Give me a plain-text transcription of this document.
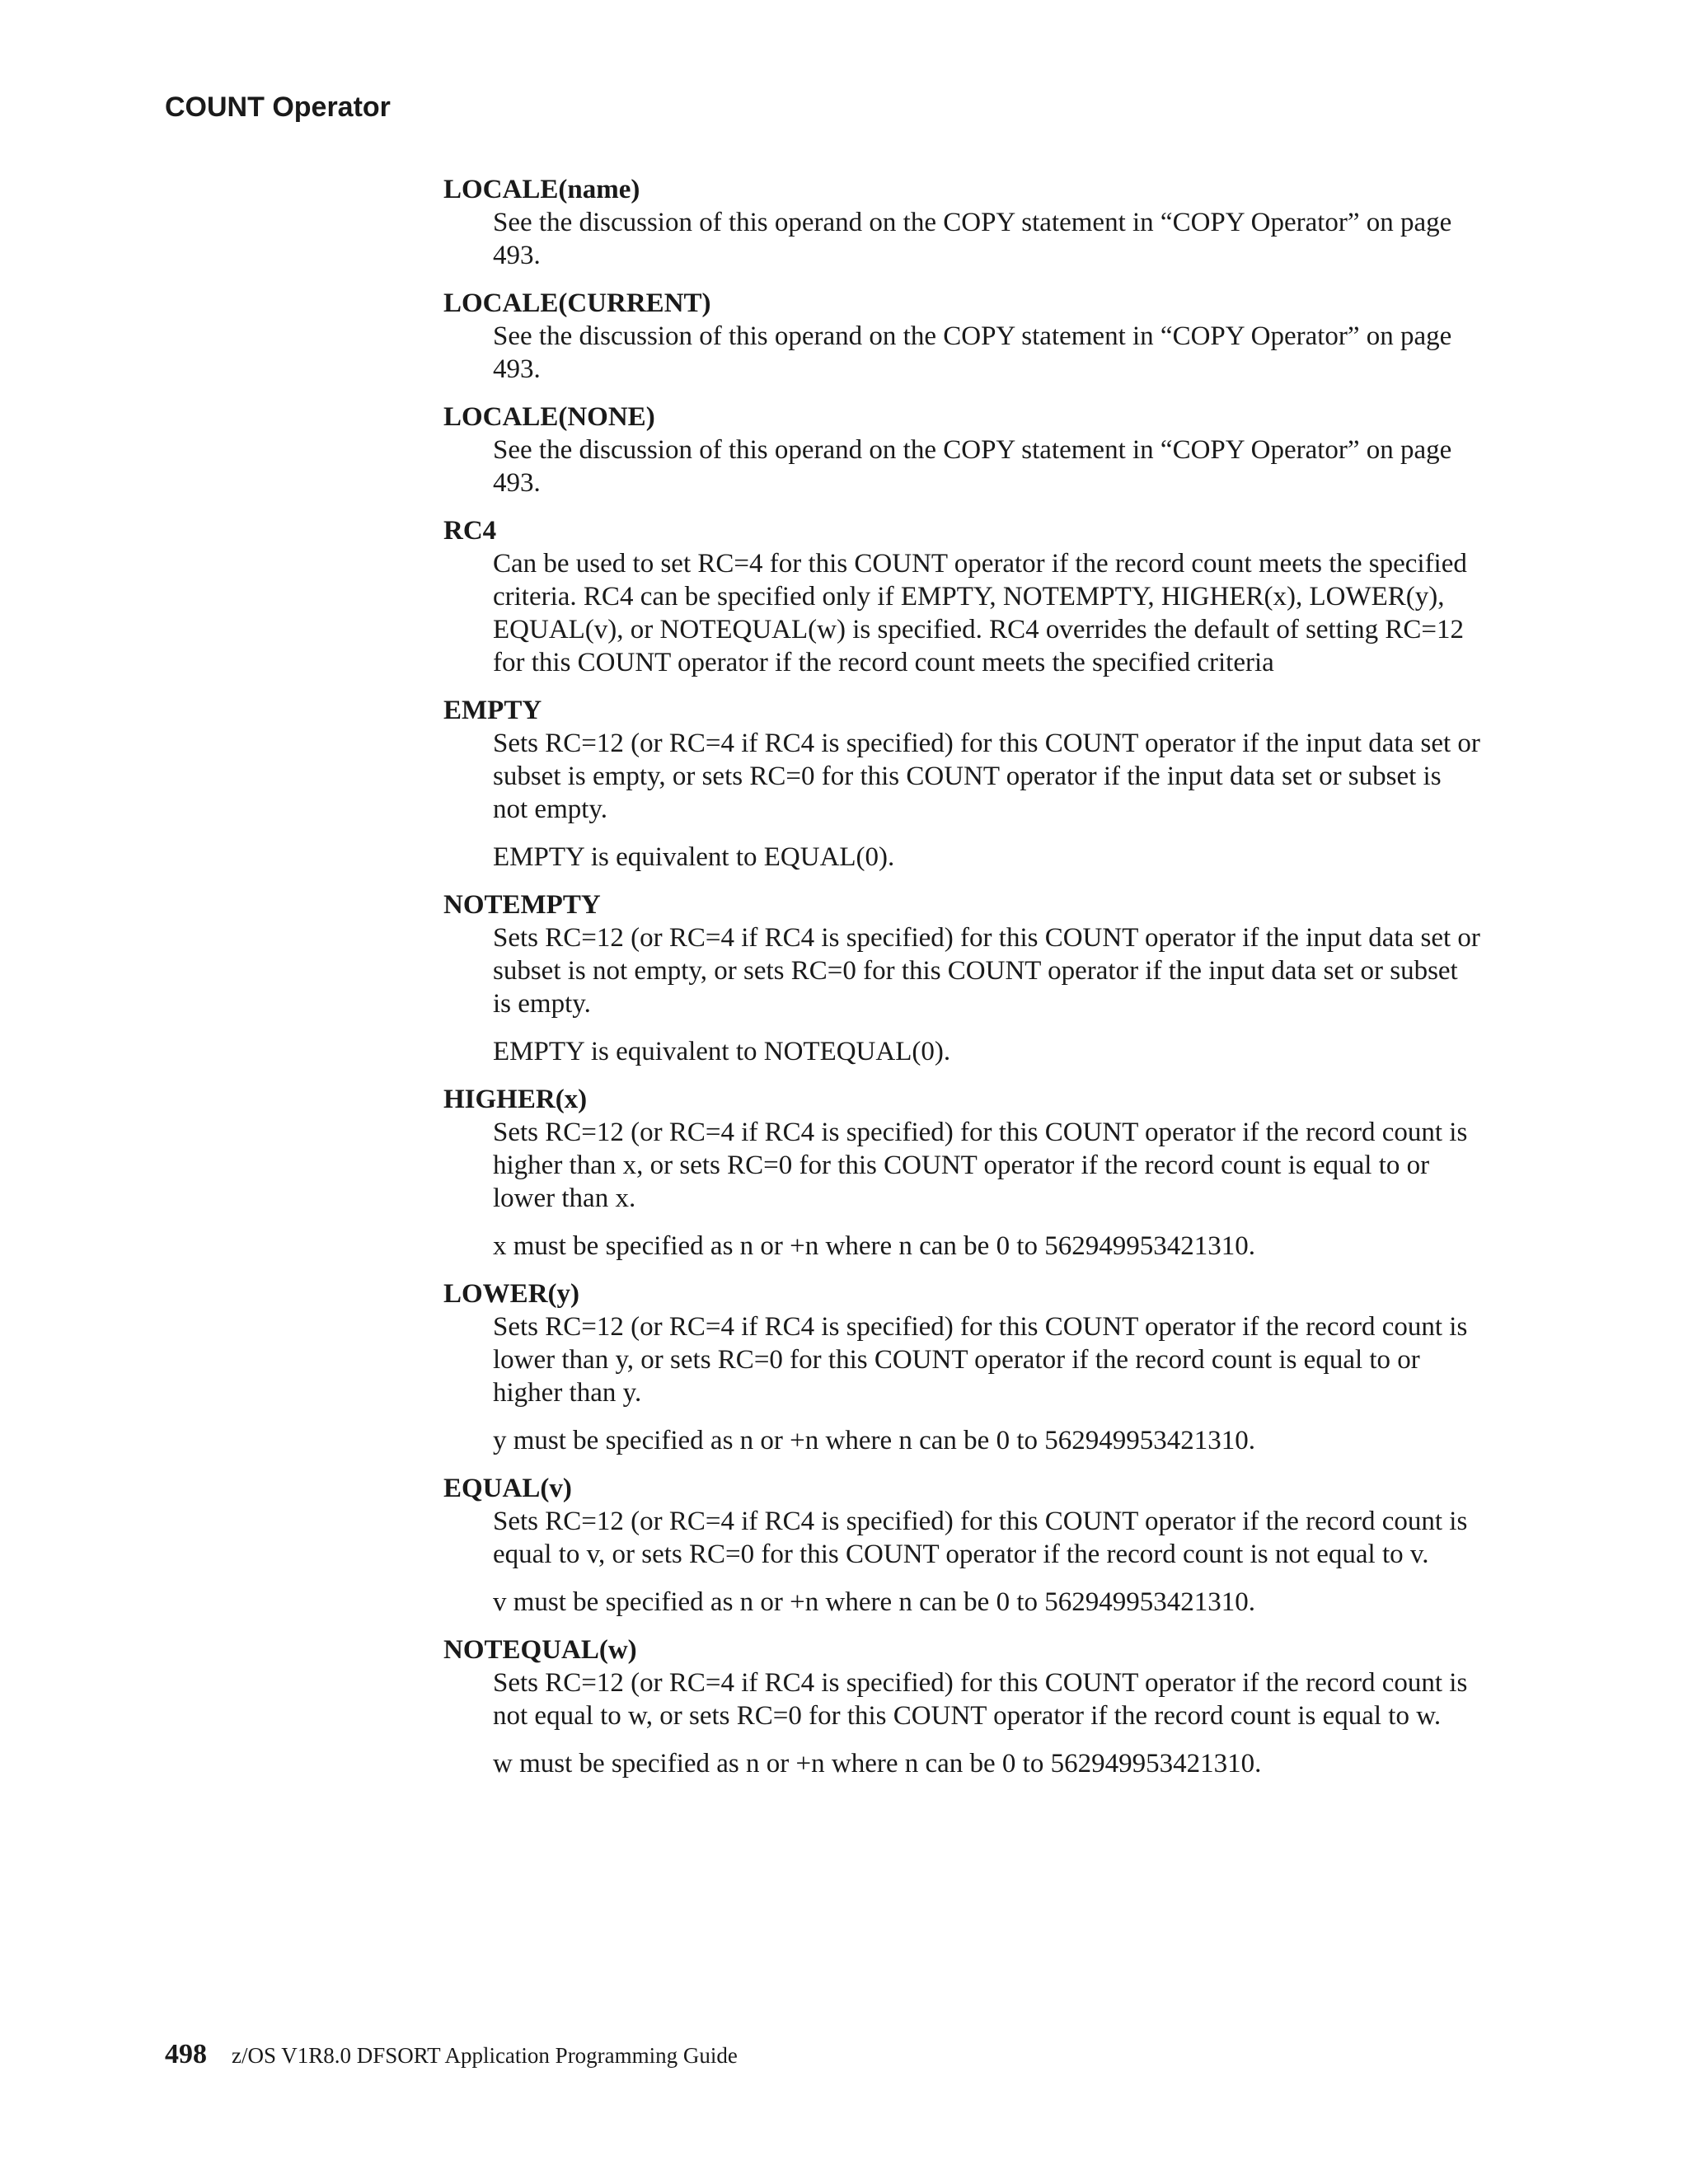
COUNT Operator

LOCALE(name)

See the discussion of this operand on the COPY statement in “COPY Operator” on page 493.

LOCALE(CURRENT)

See the discussion of this operand on the COPY statement in “COPY Operator” on page 493.

LOCALE(NONE)

See the discussion of this operand on the COPY statement in “COPY Operator” on page 493.

RC4

Can be used to set RC=4 for this COUNT operator if the record count meets the specified criteria. RC4 can be specified only if EMPTY, NOTEMPTY, HIGHER(x), LOWER(y), EQUAL(v), or NOTEQUAL(w) is specified. RC4 overrides the default of setting RC=12 for this COUNT operator if the record count meets the specified criteria

EMPTY

Sets RC=12 (or RC=4 if RC4 is specified) for this COUNT operator if the input data set or subset is empty, or sets RC=0 for this COUNT operator if the input data set or subset is not empty.

EMPTY is equivalent to EQUAL(0).

NOTEMPTY

Sets RC=12 (or RC=4 if RC4 is specified) for this COUNT operator if the input data set or subset is not empty, or sets RC=0 for this COUNT operator if the input data set or subset is empty.

EMPTY is equivalent to NOTEQUAL(0).

HIGHER(x)

Sets RC=12 (or RC=4 if RC4 is specified) for this COUNT operator if the record count is higher than x, or sets RC=0 for this COUNT operator if the record count is equal to or lower than x.

x must be specified as n or +n where n can be 0 to 562949953421310.

LOWER(y)

Sets RC=12 (or RC=4 if RC4 is specified) for this COUNT operator if the record count is lower than y, or sets RC=0 for this COUNT operator if the record count is equal to or higher than y.

y must be specified as n or +n where n can be 0 to 562949953421310.

EQUAL(v)

Sets RC=12 (or RC=4 if RC4 is specified) for this COUNT operator if the record count is equal to v, or sets RC=0 for this COUNT operator if the record count is not equal to v.

v must be specified as n or +n where n can be 0 to 562949953421310.

NOTEQUAL(w)

Sets RC=12 (or RC=4 if RC4 is specified) for this COUNT operator if the record count is not equal to w, or sets RC=0 for this COUNT operator if the record count is equal to w.

w must be specified as n or +n where n can be 0 to 562949953421310.

498 z/OS V1R8.0 DFSORT Application Programming Guide
